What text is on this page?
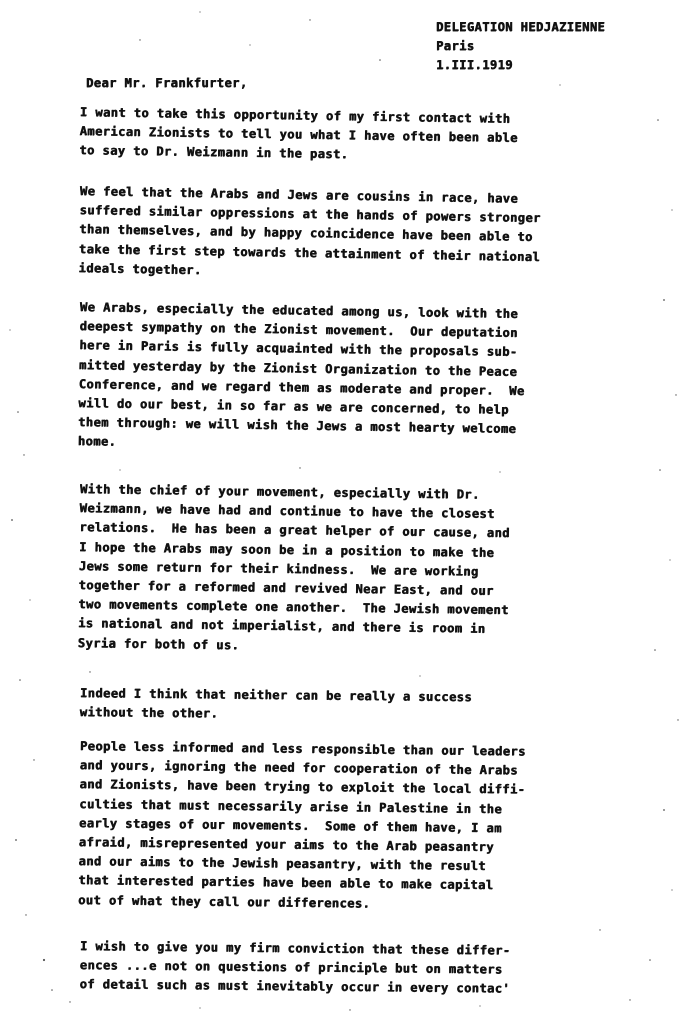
DELEGATION HEDJAZIENNE
Paris
1.III.1919
Dear Mr. Frankfurter,
I want to take this opportunity of my first contact with
American Zionists to tell you what I have often been able
to say to Dr. Weizmann in the past.
We feel that the Arabs and Jews are cousins in race, have
suffered similar oppressions at the hands of powers stronger
than themselves, and by happy coincidence have been able to
take the first step towards the attainment of their national
ideals together.
We Arabs, especially the educated among us, look with the
deepest sympathy on the Zionist movement.  Our deputation
here in Paris is fully acquainted with the proposals sub-
mitted yesterday by the Zionist Organization to the Peace
Conference, and we regard them as moderate and proper.  We
will do our best, in so far as we are concerned, to help
them through: we will wish the Jews a most hearty welcome
home.
With the chief of your movement, especially with Dr.
Weizmann, we have had and continue to have the closest
relations.  He has been a great helper of our cause, and
I hope the Arabs may soon be in a position to make the
Jews some return for their kindness.  We are working
together for a reformed and revived Near East, and our
two movements complete one another.  The Jewish movement
is national and not imperialist, and there is room in
Syria for both of us.
Indeed I think that neither can be really a success
without the other.
People less informed and less responsible than our leaders
and yours, ignoring the need for cooperation of the Arabs
and Zionists, have been trying to exploit the local diffi-
culties that must necessarily arise in Palestine in the
early stages of our movements.  Some of them have, I am
afraid, misrepresented your aims to the Arab peasantry
and our aims to the Jewish peasantry, with the result
that interested parties have been able to make capital
out of what they call our differences.
I wish to give you my firm conviction that these differ-
ences ...e not on questions of principle but on matters
of detail such as must inevitably occur in every contac'
